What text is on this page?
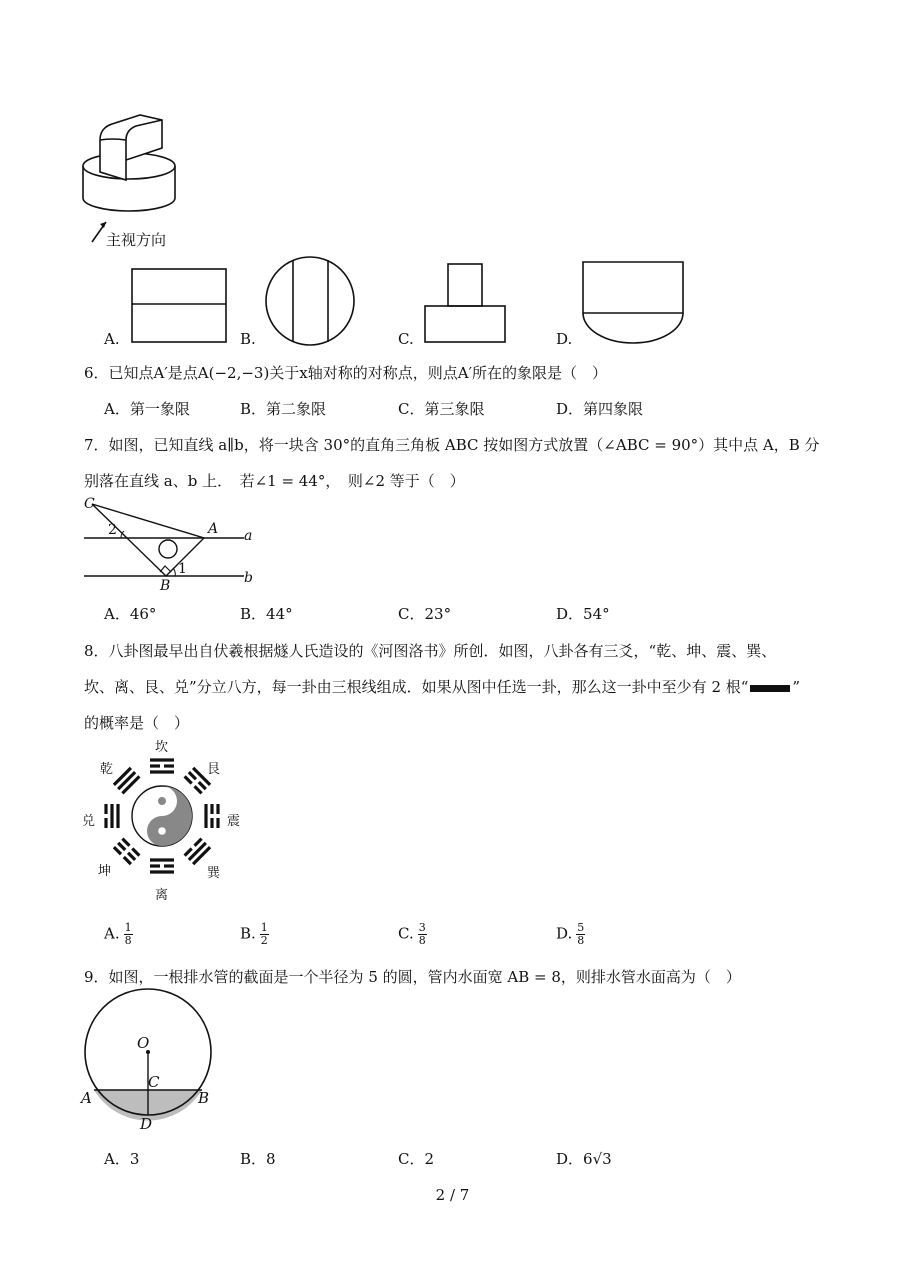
主视方向
A.	B.	C.	D.
6．已知点A′是点A(−2,−3)关于x轴对称的对称点，则点A′所在的象限是（　）
A．第一象限	B．第二象限	C．第三象限	D．第四象限
7．如图，已知直线 a∥b，将一块含 30°的直角三角板 ABC 按如图方式放置（∠ABC = 90°）其中点 A，B 分
别落在直线 a、b 上．　若∠1 = 44°，　则∠2 等于（　）
C
2	A a
1
b
B
A．46°	B．44°	C．23°	D．54°
8．八卦图最早出自伏羲根据燧人氏造设的《河图洛书》所创．如图，八卦各有三爻，“乾、坤、震、巽、
坎、离、艮、兑”分立八方，每一卦由三根线组成．如果从图中任选一卦，那么这一卦中至少有 2 根“	”
的概率是（　）
坎
艮
震
巽
离
坤
兑
乾
A. $\frac{1}{8}$	B. $\frac{1}{2}$	C. $\frac{3}{8}$	D. $\frac{5}{8}$
9．如图，一根排水管的截面是一个半径为 5 的圆，管内水面宽 AB = 8，则排水管水面高为（　）
O
C
A	B
D
A．3	B．8	C．2	D．6√3
2 / 7
